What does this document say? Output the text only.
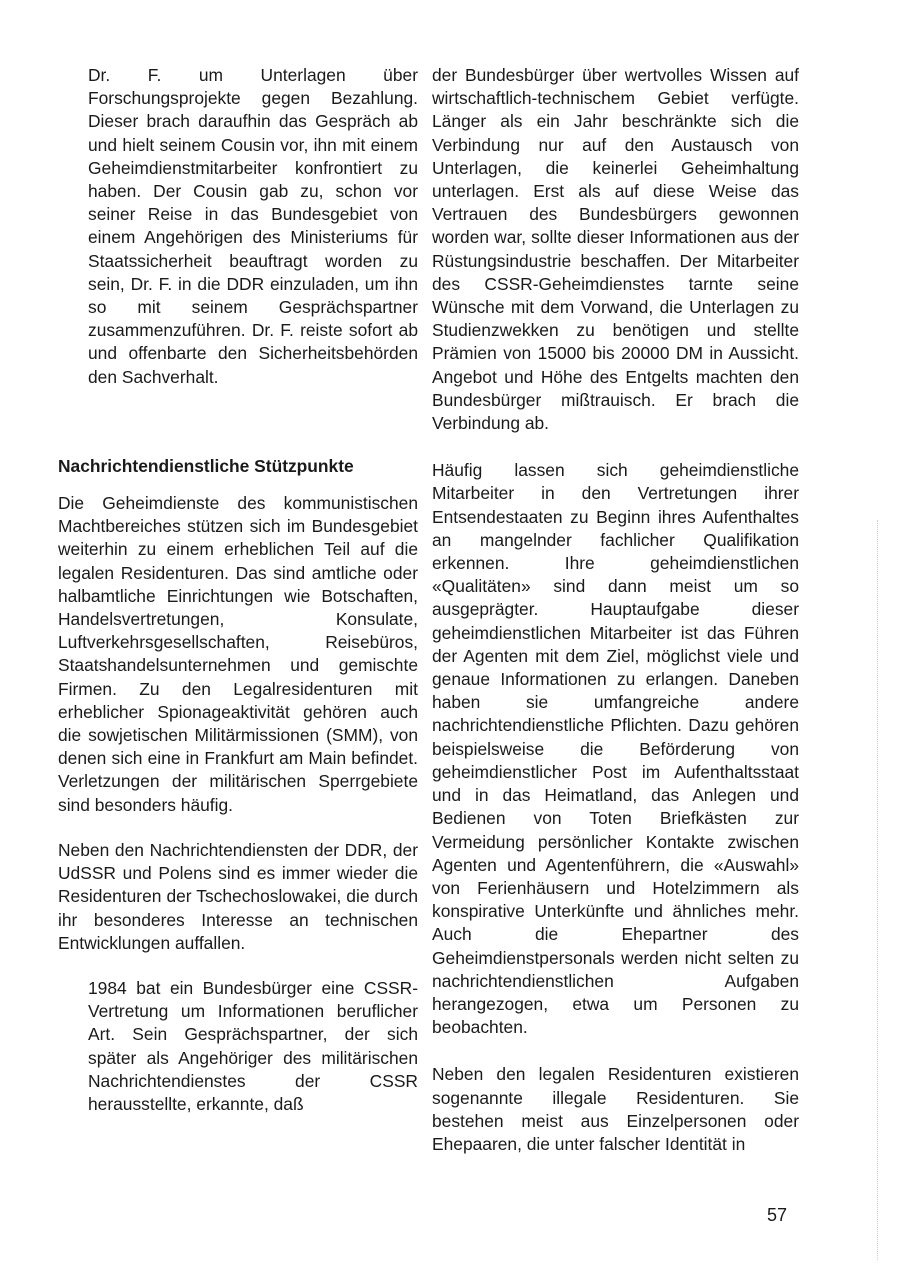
Dr. F. um Unterlagen über Forschungsprojekte gegen Bezahlung. Dieser brach daraufhin das Gespräch ab und hielt seinem Cousin vor, ihn mit einem Geheimdienstmitarbeiter konfrontiert zu haben. Der Cousin gab zu, schon vor seiner Reise in das Bundesgebiet von einem Angehörigen des Ministeriums für Staatssicherheit beauftragt worden zu sein, Dr. F. in die DDR einzuladen, um ihn so mit seinem Gesprächspartner zusammenzuführen. Dr. F. reiste sofort ab und offenbarte den Sicherheitsbehörden den Sachverhalt.

Nachrichtendienstliche Stützpunkte

Die Geheimdienste des kommunistischen Machtbereiches stützen sich im Bundesgebiet weiterhin zu einem erheblichen Teil auf die legalen Residenturen. Das sind amtliche oder halbamtliche Einrichtungen wie Botschaften, Handelsvertretungen, Konsulate, Luftverkehrsgesellschaften, Reisebüros, Staatshandelsunternehmen und gemischte Firmen. Zu den Legalresidenturen mit erheblicher Spionageaktivität gehören auch die sowjetischen Militärmissionen (SMM), von denen sich eine in Frankfurt am Main befindet. Verletzungen der militärischen Sperrgebiete sind besonders häufig.

Neben den Nachrichtendiensten der DDR, der UdSSR und Polens sind es immer wieder die Residenturen der Tschechoslowakei, die durch ihr besonderes Interesse an technischen Entwicklungen auffallen.

1984 bat ein Bundesbürger eine CSSR-Vertretung um Informationen beruflicher Art. Sein Gesprächspartner, der sich später als Angehöriger des militärischen Nachrichtendienstes der CSSR herausstellte, erkannte, daß

der Bundesbürger über wertvolles Wissen auf wirtschaftlich-technischem Gebiet verfügte. Länger als ein Jahr beschränkte sich die Verbindung nur auf den Austausch von Unterlagen, die keinerlei Geheimhaltung unterlagen. Erst als auf diese Weise das Vertrauen des Bundesbürgers gewonnen worden war, sollte dieser Informationen aus der Rüstungsindustrie beschaffen. Der Mitarbeiter des CSSR-Geheimdienstes tarnte seine Wünsche mit dem Vorwand, die Unterlagen zu Studienzwekken zu benötigen und stellte Prämien von 15000 bis 20000 DM in Aussicht. Angebot und Höhe des Entgelts machten den Bundesbürger mißtrauisch. Er brach die Verbindung ab.

Häufig lassen sich geheimdienstliche Mitarbeiter in den Vertretungen ihrer Entsendestaaten zu Beginn ihres Aufenthaltes an mangelnder fachlicher Qualifikation erkennen. Ihre geheimdienstlichen «Qualitäten» sind dann meist um so ausgeprägter. Hauptaufgabe dieser geheimdienstlichen Mitarbeiter ist das Führen der Agenten mit dem Ziel, möglichst viele und genaue Informationen zu erlangen. Daneben haben sie umfangreiche andere nachrichtendienstliche Pflichten. Dazu gehören beispielsweise die Beförderung von geheimdienstlicher Post im Aufenthaltsstaat und in das Heimatland, das Anlegen und Bedienen von Toten Briefkästen zur Vermeidung persönlicher Kontakte zwischen Agenten und Agentenführern, die «Auswahl» von Ferienhäusern und Hotelzimmern als konspirative Unterkünfte und ähnliches mehr. Auch die Ehepartner des Geheimdienstpersonals werden nicht selten zu nachrichtendienstlichen Aufgaben herangezogen, etwa um Personen zu beobachten.

Neben den legalen Residenturen existieren sogenannte illegale Residenturen. Sie bestehen meist aus Einzelpersonen oder Ehepaaren, die unter falscher Identität in

57
